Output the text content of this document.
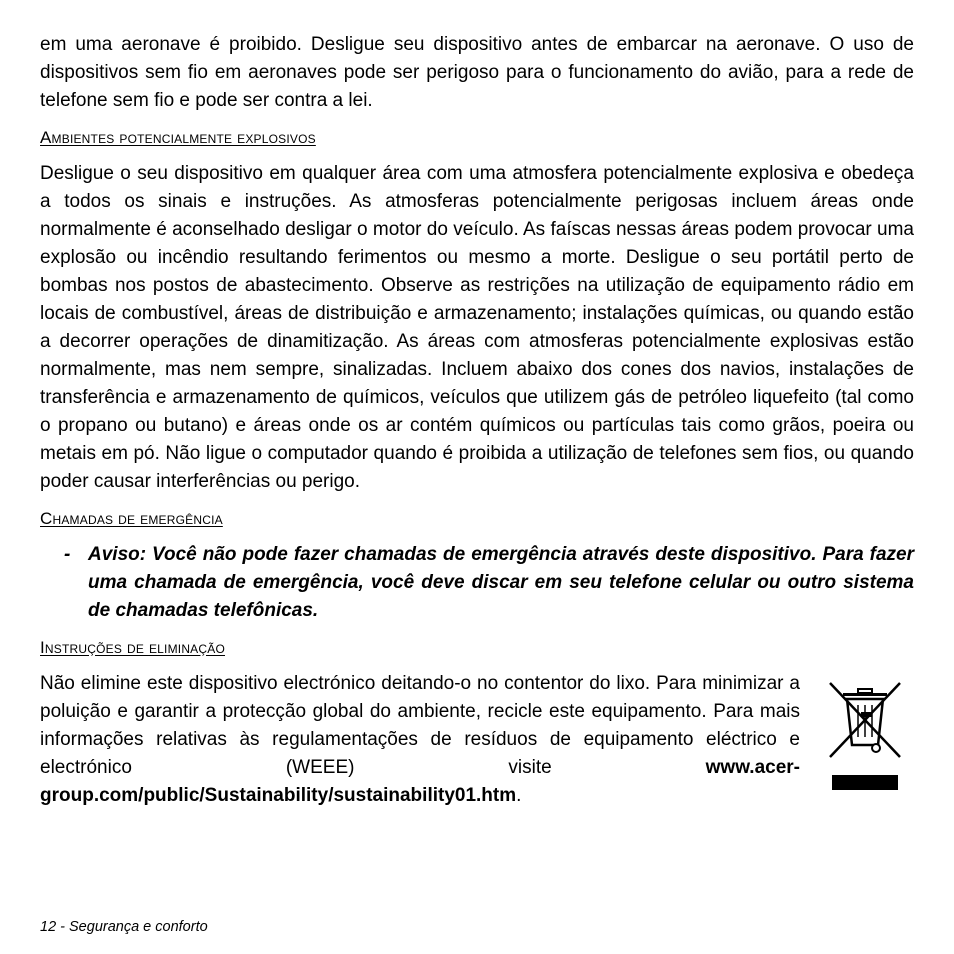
em uma aeronave é proibido. Desligue seu dispositivo antes de embarcar na aeronave. O uso de dispositivos sem fio em aeronaves pode ser perigoso para o funcionamento do avião, para a rede de telefone sem fio e pode ser contra a lei.

Ambientes potencialmente explosivos

Desligue o seu dispositivo em qualquer área com uma atmosfera potencialmente explosiva e obedeça a todos os sinais e instruções. As atmosferas potencialmente perigosas incluem áreas onde normalmente é aconselhado desligar o motor do veículo. As faíscas nessas áreas podem provocar uma explosão ou incêndio resultando ferimentos ou mesmo a morte. Desligue o seu portátil perto de bombas nos postos de abastecimento. Observe as restrições na utilização de equipamento rádio em locais de combustível, áreas de distribuição e armazenamento; instalações químicas, ou quando estão a decorrer operações de dinamitização. As áreas com atmosferas potencialmente explosivas estão normalmente, mas nem sempre, sinalizadas. Incluem abaixo dos cones dos navios, instalações de transferência e armazenamento de químicos, veículos que utilizem gás de petróleo liquefeito (tal como o propano ou butano) e áreas onde os ar contém químicos ou partículas tais como grãos, poeira ou metais em pó. Não ligue o computador quando é proibida a utilização de telefones sem fios, ou quando poder causar interferências ou perigo.

Chamadas de emergência
- Aviso: Você não pode fazer chamadas de emergência através deste dispositivo. Para fazer uma chamada de emergência, você deve discar em seu telefone celular ou outro sistema de chamadas telefônicas.
Instruções de eliminação

Não elimine este dispositivo electrónico deitando-o no contentor do lixo. Para minimizar a poluição e garantir a protecção global do ambiente, recicle este equipamento. Para mais informações relativas às regulamentações de resíduos de equipamento eléctrico e electrónico (WEEE) visite www.acer-group.com/public/Sustainability/sustainability01.htm.

12 - Segurança e conforto
